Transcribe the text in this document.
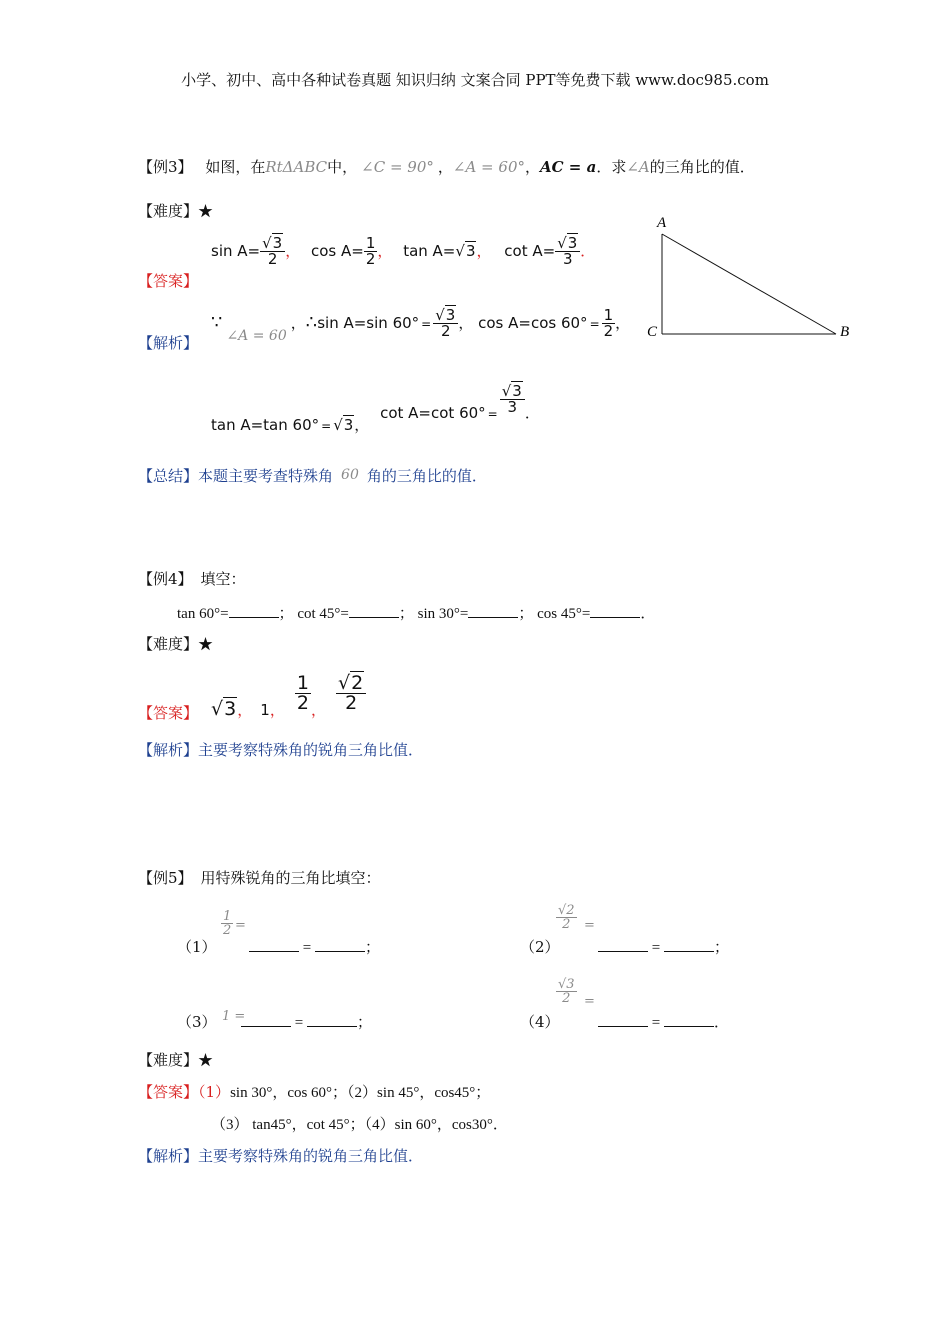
小学、初中、高中各种试卷真题 知识归纳 文案合同 PPT等免费下载 www.doc985.com
【例3】 如图，在RtΔABC中， ∠C = 90° ，∠A = 60°，AC = a．求∠A的三角比的值．
【难度】★
【答案】
$\sin A= \frac{√3}{2}$ ， $\cos A= \frac{1}{2}$ ， tan A=√3， $\cot A= \frac{√3}{3}$ ．
【解析】
∵∠A = 60，∴sin A=sin $60^\circ = \frac{√3}{2}$ ， cos A=cos $60^\circ = \frac{1}{2}$ ，
tan A=tan 60° $_=$ √3， cot A=cot 60° $_= \frac{√3}{3}$ ．
【总结】本题主要考查特殊角 60 角的三角比的值．
A
C	B
【例4】 填空：
tan 60°=	； cot 45°=	； sin 30°=	； cos 45°=	．
【难度】★
【答案】 $√3_,$ $_{1,} \frac{1}{2} _, \frac{√2}{2}$
【解析】主要考察特殊角的锐角三角比值．
【例5】 用特殊锐角的三角比填空：
（1）
$\frac{1}{2}$ =
=	；	（2）
$\frac{√2}{2}$ =
=	；
（3） 1 =	=	；	（4）
$\frac{√3}{2}$ =
=	．
【难度】★
【答案】（1）sin 30°，cos 60°；（2）sin 45°，cos45°；
（3） tan45°，cot 45°；（4）sin 60°，cos30°．
【解析】主要考察特殊角的锐角三角比值．
